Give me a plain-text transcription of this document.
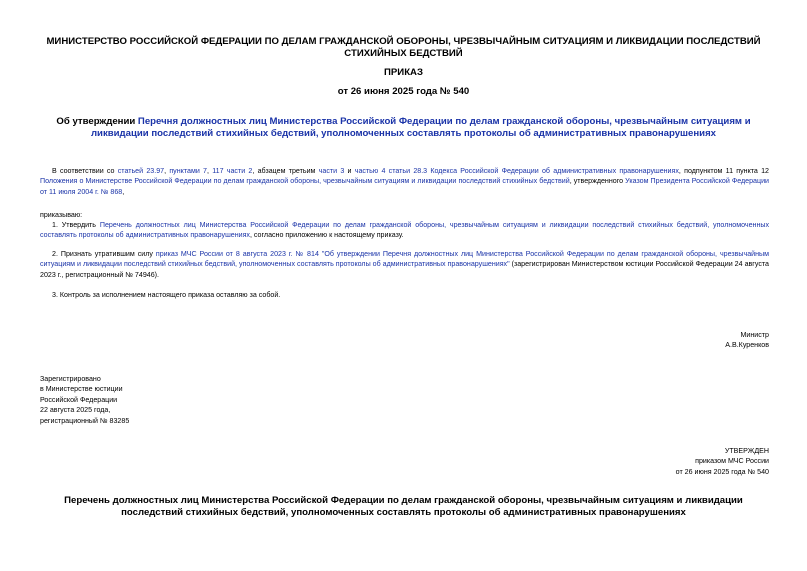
МИНИСТЕРСТВО РОССИЙСКОЙ ФЕДЕРАЦИИ ПО ДЕЛАМ ГРАЖДАНСКОЙ ОБОРОНЫ, ЧРЕЗВЫЧАЙНЫМ СИТУАЦИЯМ И ЛИКВИДАЦИИ ПОСЛЕДСТВИЙ СТИХИЙНЫХ БЕДСТВИЙ
ПРИКАЗ
от 26 июня 2025 года № 540
Об утверждении Перечня должностных лиц Министерства Российской Федерации по делам гражданской обороны, чрезвычайным ситуациям и ликвидации последствий стихийных бедствий, уполномоченных составлять протоколы об административных правонарушениях
В соответствии со статьей 23.97, пунктами 7, 117 части 2, абзацем третьим части 3 и частью 4 статьи 28.3 Кодекса Российской Федерации об административных правонарушениях, подпунктом 11 пункта 12 Положения о Министерстве Российской Федерации по делам гражданской обороны, чрезвычайным ситуациям и ликвидации последствий стихийных бедствий, утвержденного Указом Президента Российской Федерации от 11 июля 2004 г. № 868,
приказываю:
1. Утвердить Перечень должностных лиц Министерства Российской Федерации по делам гражданской обороны, чрезвычайным ситуациям и ликвидации последствий стихийных бедствий, уполномоченных составлять протоколы об административных правонарушениях, согласно приложению к настоящему приказу.
2. Признать утратившим силу приказ МЧС России от 8 августа 2023 г. № 814 "Об утверждении Перечня должностных лиц Министерства Российской Федерации по делам гражданской обороны, чрезвычайным ситуациям и ликвидации последствий стихийных бедствий, уполномоченных составлять протоколы об административных правонарушениях" (зарегистрирован Министерством юстиции Российской Федерации 24 августа 2023 г., регистрационный № 74946).
3. Контроль за исполнением настоящего приказа оставляю за собой.
Министр
А.В.Куренков
Зарегистрировано
в Министерстве юстиции
Российской Федерации
22 августа 2025 года,
регистрационный № 83285
УТВЕРЖДЕН
приказом МЧС России
от 26 июня 2025 года № 540
Перечень должностных лиц Министерства Российской Федерации по делам гражданской обороны, чрезвычайным ситуациям и ликвидации последствий стихийных бедствий, уполномоченных составлять протоколы об административных правонарушениях
